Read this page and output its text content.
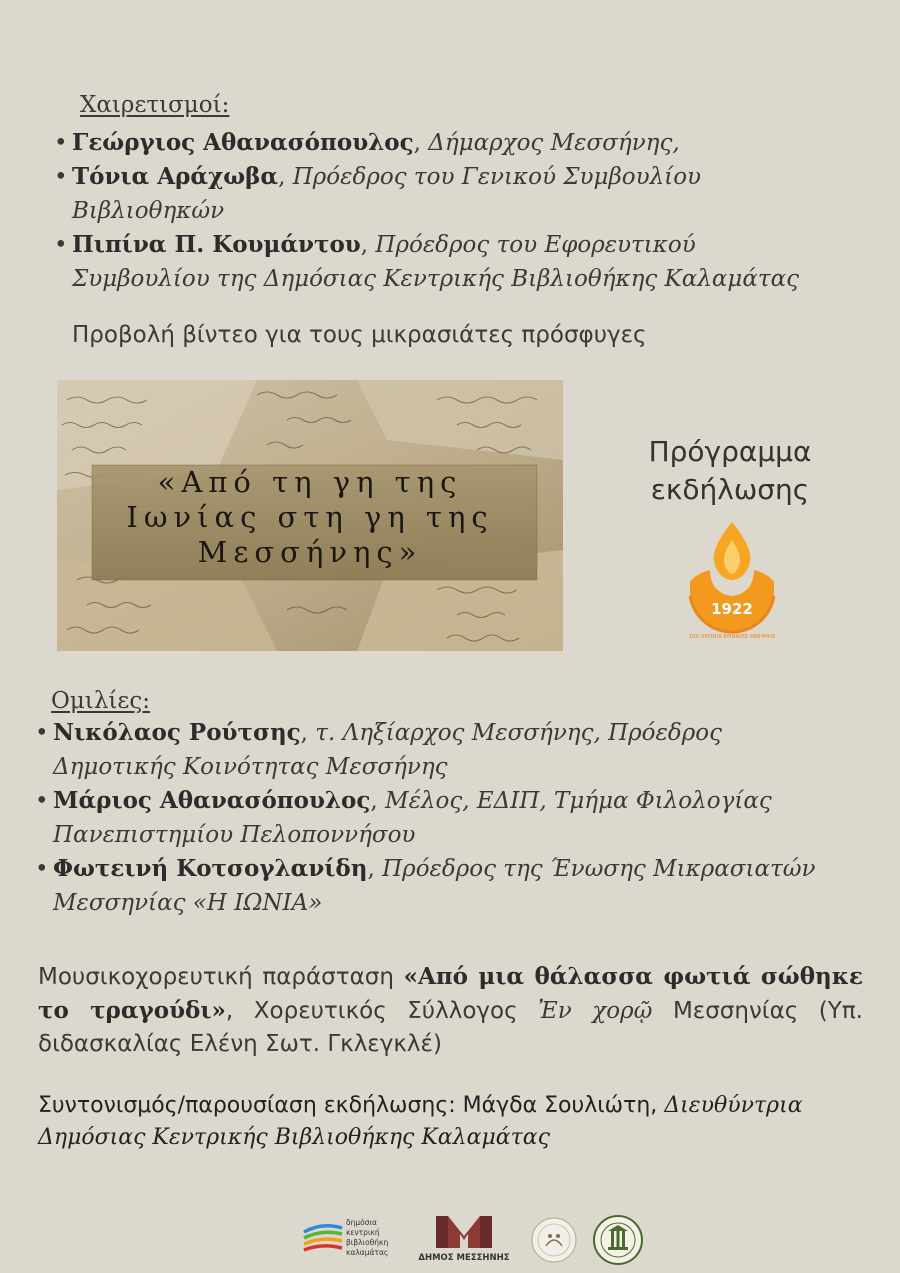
Χαιρετισμοί:
• Γεώργιος Αθανασόπουλος, Δήμαρχος Μεσσήνης,
• Τόνια Αράχωβα, Πρόεδρος του Γενικού Συμβουλίου
Βιβλιοθηκών
• Πιπίνα Π. Κουμάντου, Πρόεδρος του Εφορευτικού
Συμβουλίου της Δημόσιας Κεντρικής Βιβλιοθήκης Καλαμάτας
Προβολή βίντεο για τους μικρασιάτες πρόσφυγες
«Από τη γη της
Ιωνίας στη γη της
Μεσσήνης»
Πρόγραμμα
εκδήλωσης
1922
100 ΧΡΟΝΙΑ ΕΘΝΙΚΗΣ ΜΝΗΜΗΣ
Ομιλίες:
• Νικόλαος Ρούτσης, τ. Ληξίαρχος Μεσσήνης, Πρόεδρος
Δημοτικής Κοινότητας Μεσσήνης
• Μάριος Αθανασόπουλος, Μέλος, ΕΔΙΠ, Τμήμα Φιλολογίας
Πανεπιστημίου Πελοποννήσου
• Φωτεινή Κοτσογλανίδη, Πρόεδρος της Ένωσης Μικρασιατών
Μεσσηνίας «Η ΙΩΝΙΑ»
Μουσικοχορευτική παράσταση «Από μια θάλασσα φωτιά σώθηκε το τραγούδι», Χορευτικός Σύλλογος Ἐν χορῷ Μεσσηνίας (Υπ. διδασκαλίας Ελένη Σωτ. Γκλεγκλέ)
Συντονισμός/παρουσίαση εκδήλωσης: Μάγδα Σουλιώτη, Διευθύντρια Δημόσιας Κεντρικής Βιβλιοθήκης Καλαμάτας
δημόσια
κεντρική
βιβλιοθήκη
καλαμάτας
ΔΗΜΟΣ ΜΕΣΣΗΝΗΣ
